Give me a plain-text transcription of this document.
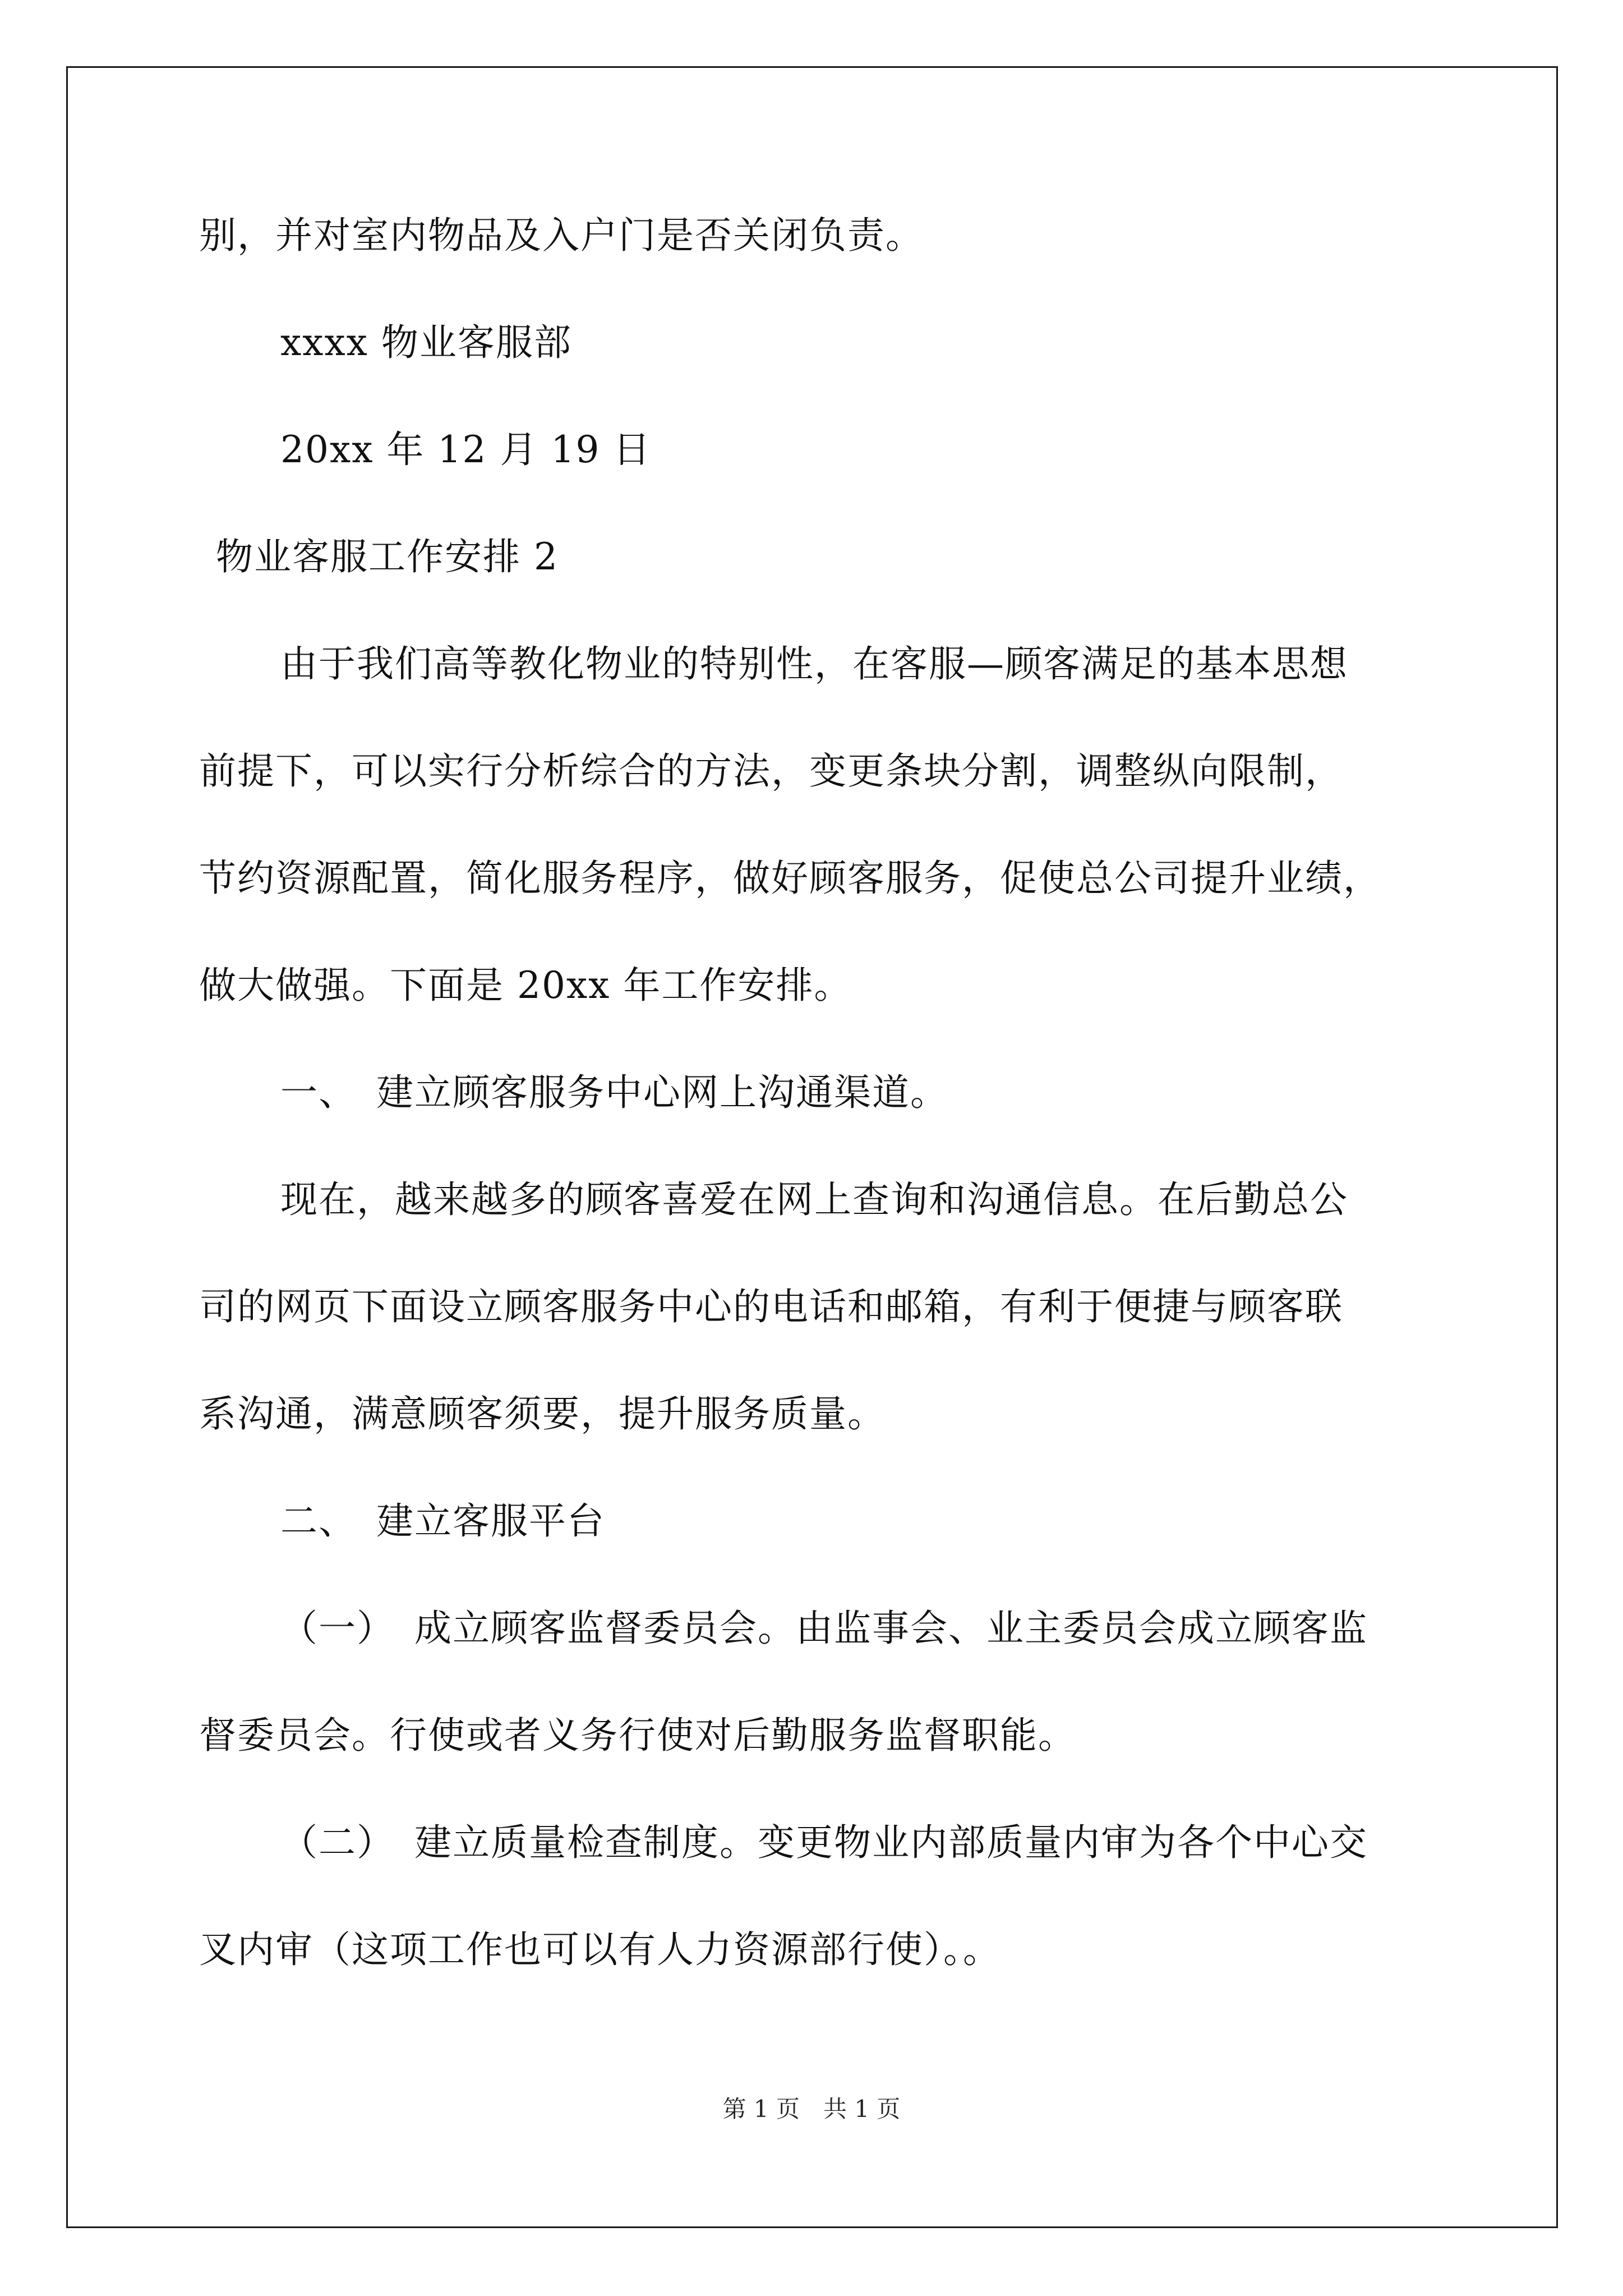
别，并对室内物品及入户门是否关闭负责。
xxxx 物业客服部
20xx 年 12 月 19 日
物业客服工作安排 2
由于我们高等教化物业的特别性，在客服—顾客满足的基本思想
前提下，可以实行分析综合的方法，变更条块分割，调整纵向限制，
节约资源配置，简化服务程序，做好顾客服务，促使总公司提升业绩，
做大做强。下面是 20xx 年工作安排。
一、　建立顾客服务中心网上沟通渠道。
现在，越来越多的顾客喜爱在网上查询和沟通信息。在后勤总公
司的网页下面设立顾客服务中心的电话和邮箱，有利于便捷与顾客联
系沟通，满意顾客须要，提升服务质量。
二、　建立客服平台
（一）　成立顾客监督委员会。由监事会、业主委员会成立顾客监
督委员会。行使或者义务行使对后勤服务监督职能。
（二）　建立质量检查制度。变更物业内部质量内审为各个中心交
叉内审（这项工作也可以有人力资源部行使）。。
第 1 页　共 1 页
